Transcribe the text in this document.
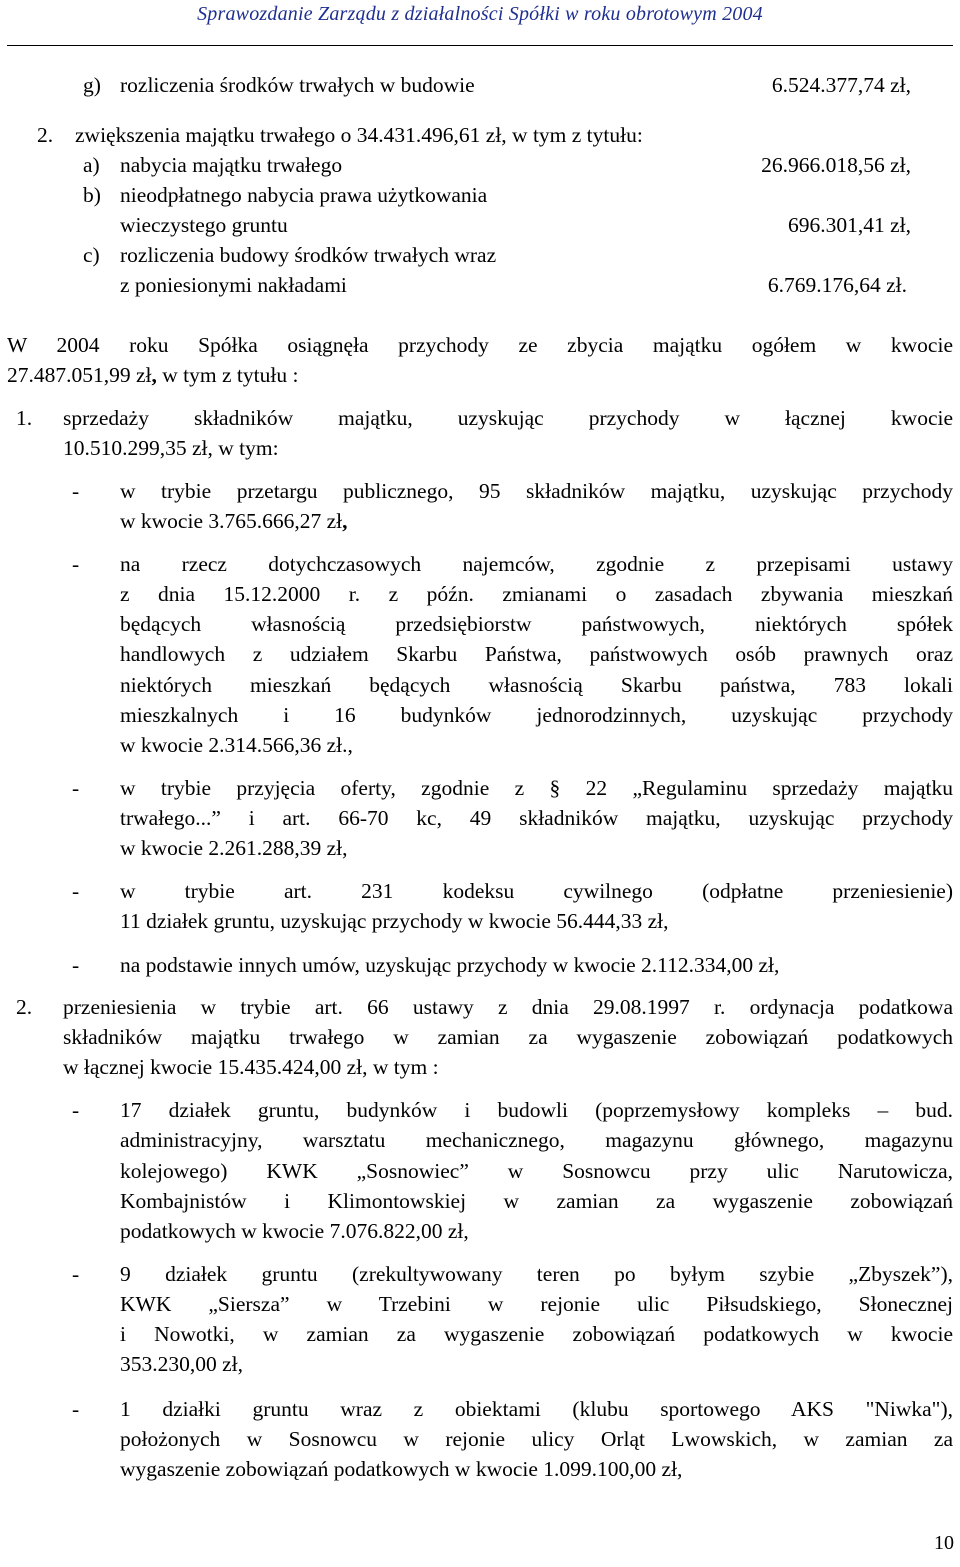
Sprawozdanie Zarządu z działalności Spółki w roku obrotowym 2004
g) rozliczenia środków trwałych w budowie	6.524.377,74 zł,
2. zwiększenia majątku trwałego o 34.431.496,61 zł, w tym z tytułu:
a) nabycia majątku trwałego	26.966.018,56 zł,
b) nieodpłatnego nabycia prawa użytkowania
wieczystego gruntu	696.301,41 zł,
c) rozliczenia budowy środków trwałych wraz
z poniesionymi nakładami	6.769.176,64 zł.
W 2004 roku Spółka osiągnęła przychody ze zbycia majątku ogółem w kwocie
27.487.051,99 zł, w tym z tytułu :
1. sprzedaży składników majątku, uzyskując przychody w łącznej kwocie
10.510.299,35 zł, w tym:
- w trybie przetargu publicznego, 95 składników majątku, uzyskując przychody
w kwocie 3.765.666,27 zł,
- na rzecz dotychczasowych najemców, zgodnie z przepisami ustawy
z dnia 15.12.2000 r. z późn. zmianami o zasadach zbywania mieszkań
będących własnością przedsiębiorstw państwowych, niektórych spółek
handlowych z udziałem Skarbu Państwa, państwowych osób prawnych oraz
niektórych mieszkań będących własnością Skarbu państwa, 783 lokali
mieszkalnych i 16 budynków jednorodzinnych, uzyskując przychody
w kwocie 2.314.566,36 zł.,
- w trybie przyjęcia oferty, zgodnie z § 22 „Regulaminu sprzedaży majątku
trwałego...” i art. 66-70 kc, 49 składników majątku, uzyskując przychody
w kwocie 2.261.288,39 zł,
- w trybie art. 231 kodeksu cywilnego (odpłatne przeniesienie)
11 działek gruntu, uzyskując przychody w kwocie 56.444,33 zł,
- na podstawie innych umów, uzyskując przychody w kwocie 2.112.334,00 zł,
2. przeniesienia w trybie art. 66 ustawy z dnia 29.08.1997 r. ordynacja podatkowa
składników majątku trwałego w zamian za wygaszenie zobowiązań podatkowych
w łącznej kwocie 15.435.424,00 zł, w tym :
- 17 działek gruntu, budynków i budowli (poprzemysłowy kompleks – bud.
administracyjny, warsztatu mechanicznego, magazynu głównego, magazynu
kolejowego) KWK „Sosnowiec” w Sosnowcu przy ulic Narutowicza,
Kombajnistów i Klimontowskiej w zamian za wygaszenie zobowiązań
podatkowych w kwocie 7.076.822,00 zł,
- 9 działek gruntu (zrekultywowany teren po byłym szybie „Zbyszek”),
KWK „Siersza” w Trzebini w rejonie ulic Piłsudskiego, Słonecznej
i Nowotki, w zamian za wygaszenie zobowiązań podatkowych w kwocie
353.230,00 zł,
- 1 działki gruntu wraz z obiektami (klubu sportowego AKS "Niwka"),
położonych w Sosnowcu w rejonie ulicy Orląt Lwowskich, w zamian za
wygaszenie zobowiązań podatkowych w kwocie 1.099.100,00 zł,
10
